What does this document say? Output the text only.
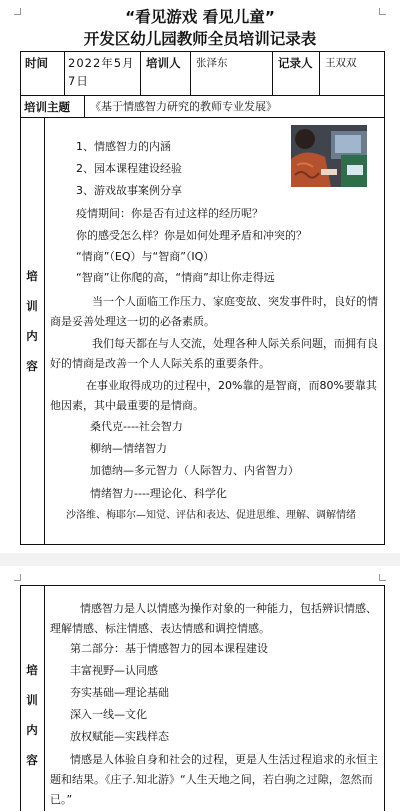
“看见游戏 看见儿童”
开发区幼儿园教师全员培训记录表
时间 2022年5月7日
培训人 张泽东	记录人 王双双
培训主题 《基于情感智力研究的教师专业发展》
培
训
内
容
1、情感智力的内涵
2、园本课程建设经验
3、游戏故事案例分享
疫情期间：你是否有过这样的经历呢？
你的感受怎么样？你是如何处理矛盾和冲突的？
“情商”（EQ）与“智商”（IQ）
“智商”让你爬的高，“情商”却让你走得远
当一个人面临工作压力、家庭变故、突发事件时，良好的情商是妥善处理这一切的必备素质。
我们每天都在与人交流，处理各种人际关系问题，而拥有良好的情商是改善一个人人际关系的重要条件。
在事业取得成功的过程中，20%靠的是智商，而80%要靠其他因素，其中最重要的是情商。
桑代克----社会智力
柳纳—情绪智力
加德纳—多元智力（人际智力、内省智力）
情绪智力----理论化、科学化
沙洛维、梅耶尔—知觉、评估和表达、促进思维、理解、调解情绪
培
训
内
容
情感智力是人以情感为操作对象的一种能力，包括辨识情感、理解情感、标注情感、表达情感和调控情感。
第二部分：基于情感智力的园本课程建设
丰富视野—认同感
夯实基础—理论基础
深入一线—文化
放权赋能—实践样态
情感是人体验自身和社会的过程，更是人生活过程追求的永恒主题和结果。《庄子.知北游》“人生天地之间，若白驹之过隙，忽然而已。”
